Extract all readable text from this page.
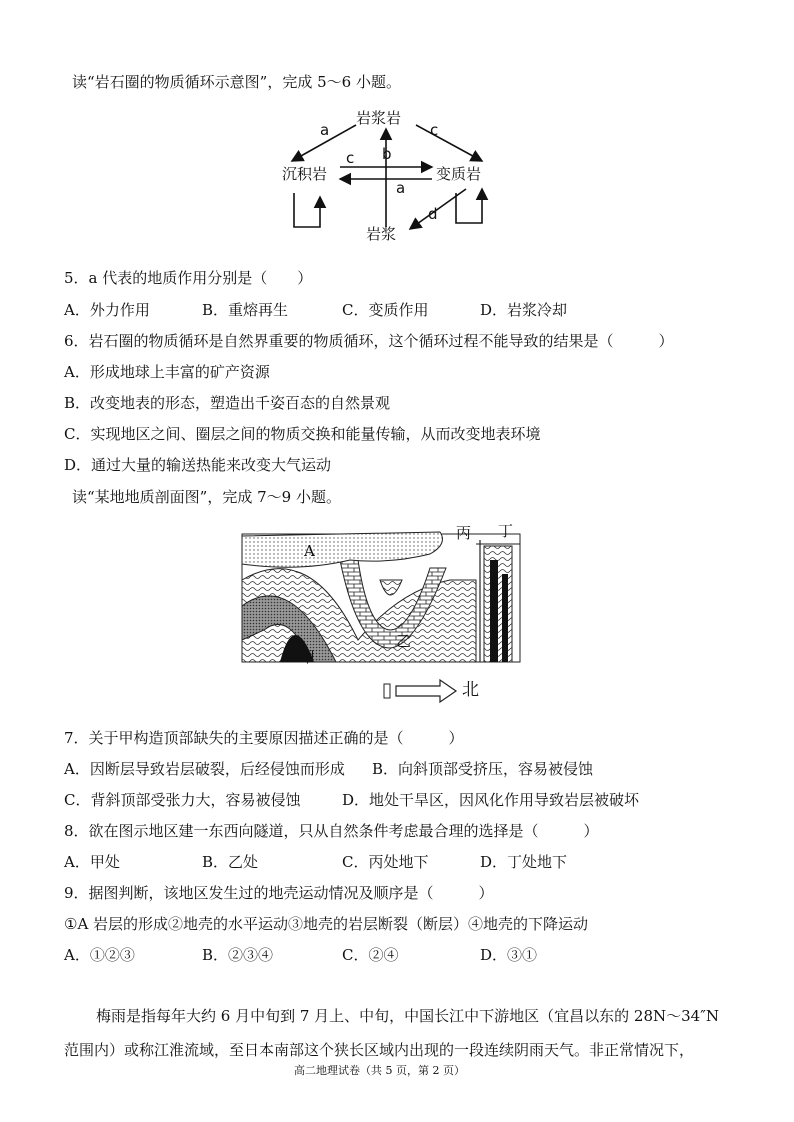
读“岩石圈的物质循环示意图”，完成 5～6 小题。
岩浆岩
沉积岩	变质岩
岩浆
a	c
b
c
a
d
5．a 代表的地质作用分别是（　　）
A．外力作用	B．重熔再生	C．变质作用	D．岩浆冷却
6．岩石圈的物质循环是自然界重要的物质循环，这个循环过程不能导致的结果是（　　　）
A．形成地球上丰富的矿产资源
B．改变地表的形态，塑造出千姿百态的自然景观
C．实现地区之间、圈层之间的物质交换和能量传输，从而改变地表环境
D．通过大量的输送热能来改变大气运动
读“某地地质剖面图”，完成 7～9 小题。
A
丙 丁
乙
甲
北
7．关于甲构造顶部缺失的主要原因描述正确的是（　　　）
A．因断层导致岩层破裂，后经侵蚀而形成 B．向斜顶部受挤压，容易被侵蚀
C．背斜顶部受张力大，容易被侵蚀	D．地处干旱区，因风化作用导致岩层被破坏
8．欲在图示地区建一东西向隧道，只从自然条件考虑最合理的选择是（　　　）
A．甲处	B．乙处	C．丙处地下	D．丁处地下
9．据图判断，该地区发生过的地壳运动情况及顺序是（　　　）
①A 岩层的形成②地壳的水平运动③地壳的岩层断裂（断层）④地壳的下降运动
A．①②③	B．②③④	C．②④	D．③①
梅雨是指每年大约 6 月中旬到 7 月上、中旬，中国长江中下游地区（宜昌以东的 28N～34″N
范围内）或称江淮流域，至日本南部这个狭长区域内出现的一段连续阴雨天气。非正常情况下，
高二地理试卷（共 5 页，第 2 页）
